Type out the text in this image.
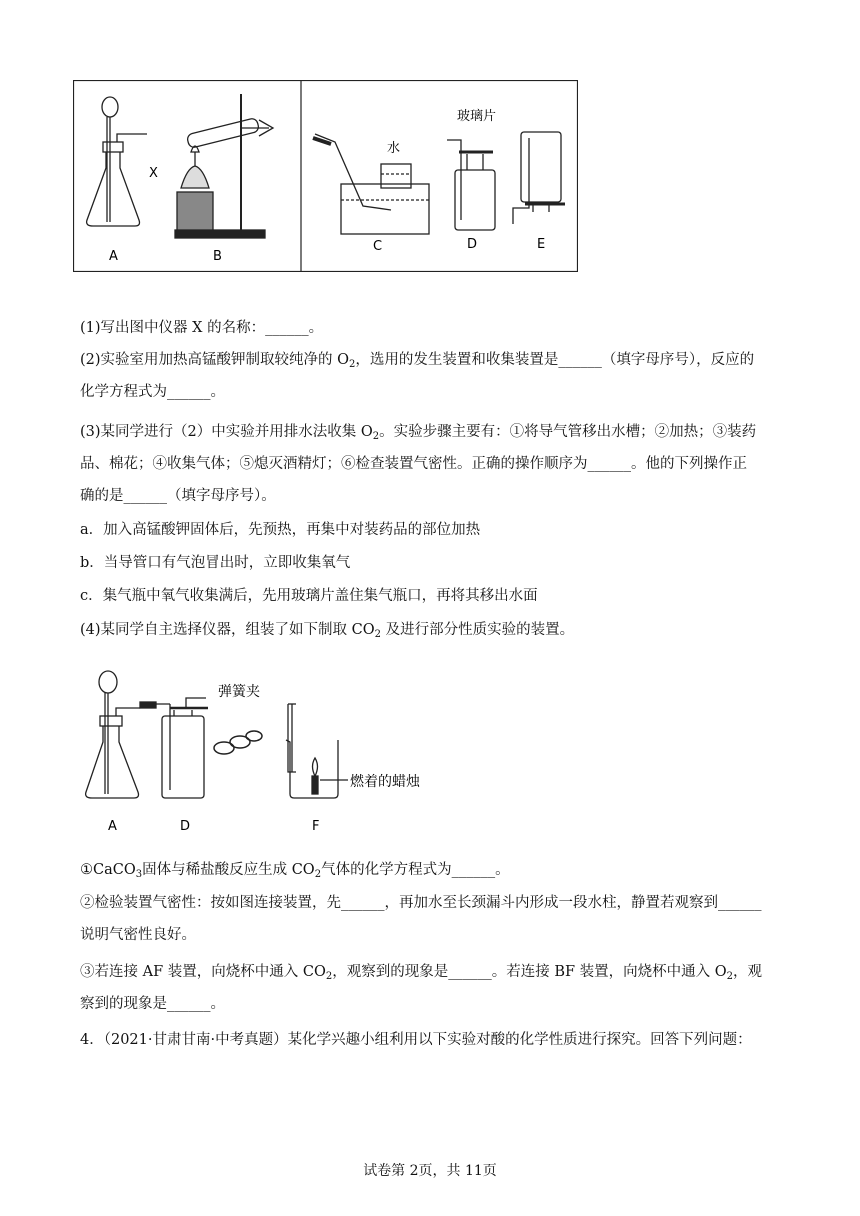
X
水
玻璃片
A	B
C	D	E
(1)写出图中仪器 X 的名称：______。
(2)实验室用加热高锰酸钾制取较纯净的 $O_2$，选用的发生装置和收集装置是______（填字母序号），反应的
化学方程式为______。
(3)某同学进行（2）中实验并用排水法收集 $O_2$。实验步骤主要有：①将导气管移出水槽；②加热；③装药
品、棉花；④收集气体；⑤熄灭酒精灯；⑥检查装置气密性。正确的操作顺序为______。他的下列操作正
确的是______（填字母序号）。
a．加入高锰酸钾固体后，先预热，再集中对装药品的部位加热
b．当导管口有气泡冒出时，立即收集氧气
c．集气瓶中氧气收集满后，先用玻璃片盖住集气瓶口，再将其移出水面
(4)某同学自主选择仪器，组装了如下制取 $CO_2$ 及进行部分性质实验的装置。
弹簧夹
燃着的蜡烛
A	D	F
①CaCO$_3$固体与稀盐酸反应生成 $CO_2$气体的化学方程式为______。
②检验装置气密性：按如图连接装置，先______，再加水至长颈漏斗内形成一段水柱，静置若观察到______
说明气密性良好。
③若连接 AF 装置，向烧杯中通入 $CO_2$，观察到的现象是______。若连接 BF 装置，向烧杯中通入 $O_2$，观
察到的现象是______。
4．（2021·甘肃甘南·中考真题）某化学兴趣小组利用以下实验对酸的化学性质进行探究。回答下列问题：
试卷第 2页，共 11页
